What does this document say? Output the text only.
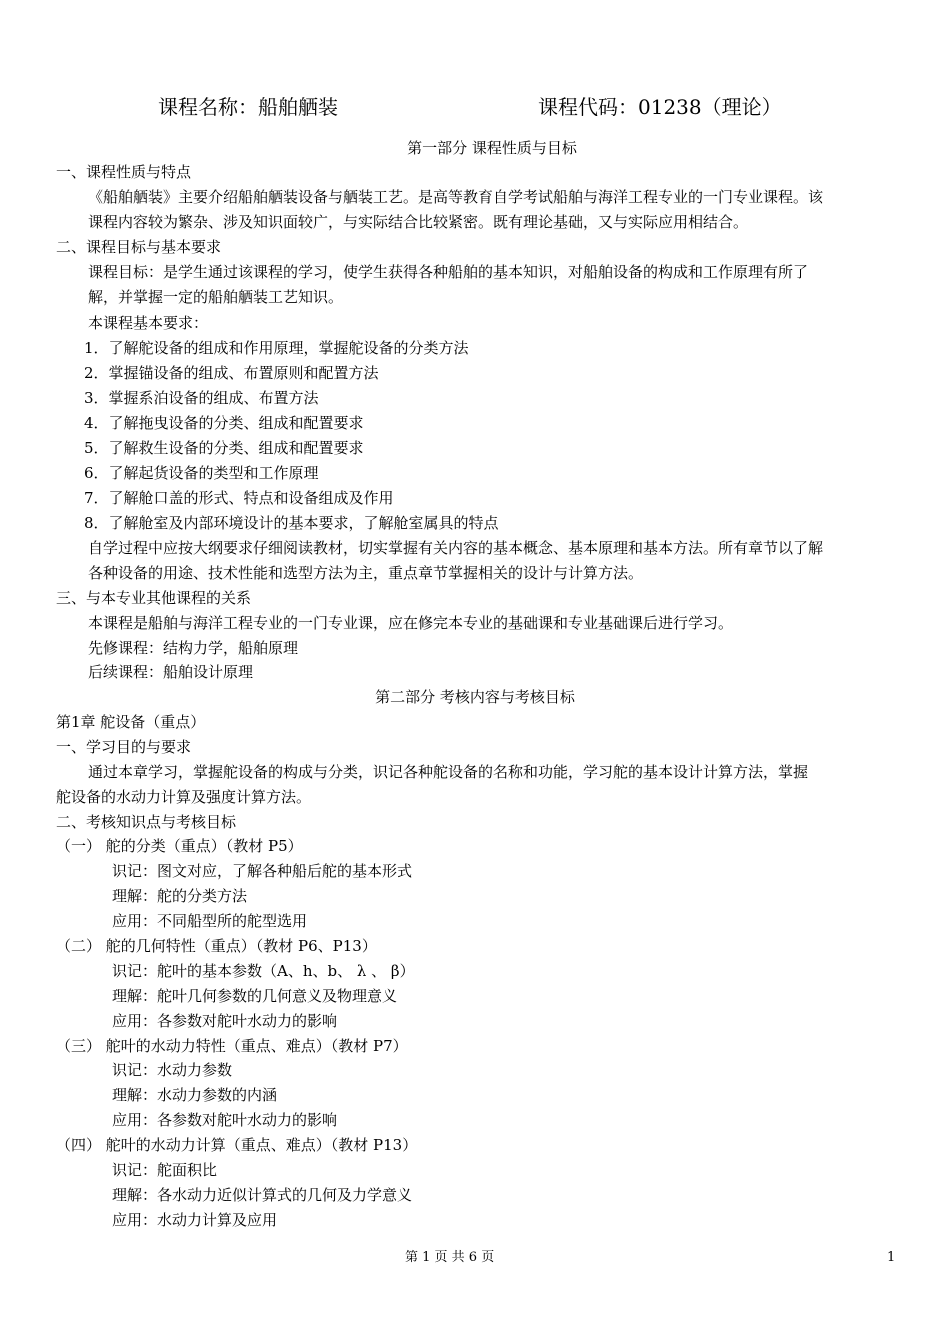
课程名称：船舶舾装	课程代码：01238（理论）
第一部分 课程性质与目标
一、课程性质与特点
《船舶舾装》主要介绍船舶舾装设备与舾装工艺。是高等教育自学考试船舶与海洋工程专业的一门专业课程。该
课程内容较为繁杂、涉及知识面较广，与实际结合比较紧密。既有理论基础，又与实际应用相结合。
二、课程目标与基本要求
课程目标：是学生通过该课程的学习，使学生获得各种船舶的基本知识，对船舶设备的构成和工作原理有所了
解，并掌握一定的船舶舾装工艺知识。
本课程基本要求：
1．了解舵设备的组成和作用原理，掌握舵设备的分类方法
2．掌握锚设备的组成、布置原则和配置方法
3．掌握系泊设备的组成、布置方法
4．了解拖曳设备的分类、组成和配置要求
5．了解救生设备的分类、组成和配置要求
6．了解起货设备的类型和工作原理
7．了解舱口盖的形式、特点和设备组成及作用
8．了解舱室及内部环境设计的基本要求，了解舱室属具的特点
自学过程中应按大纲要求仔细阅读教材，切实掌握有关内容的基本概念、基本原理和基本方法。所有章节以了解
各种设备的用途、技术性能和选型方法为主，重点章节掌握相关的设计与计算方法。
三、与本专业其他课程的关系
本课程是船舶与海洋工程专业的一门专业课，应在修完本专业的基础课和专业基础课后进行学习。
先修课程：结构力学，船舶原理
后续课程：船舶设计原理
第二部分 考核内容与考核目标
第1章 舵设备（重点）
一、学习目的与要求
通过本章学习，掌握舵设备的构成与分类，识记各种舵设备的名称和功能，学习舵的基本设计计算方法，掌握
舵设备的水动力计算及强度计算方法。
二、考核知识点与考核目标
（一） 舵的分类（重点）（教材 P5）
识记：图文对应，了解各种船后舵的基本形式
理解：舵的分类方法
应用：不同船型所的舵型选用
（二） 舵的几何特性（重点）（教材 P6、P13）
识记：舵叶的基本参数（A、h、b、 λ 、 β）
理解：舵叶几何参数的几何意义及物理意义
应用：各参数对舵叶水动力的影响
（三） 舵叶的水动力特性（重点、难点）（教材 P7）
识记：水动力参数
理解：水动力参数的内涵
应用：各参数对舵叶水动力的影响
（四） 舵叶的水动力计算（重点、难点）（教材 P13）
识记：舵面积比
理解：各水动力近似计算式的几何及力学意义
应用：水动力计算及应用
第 1 页 共 6 页	1
